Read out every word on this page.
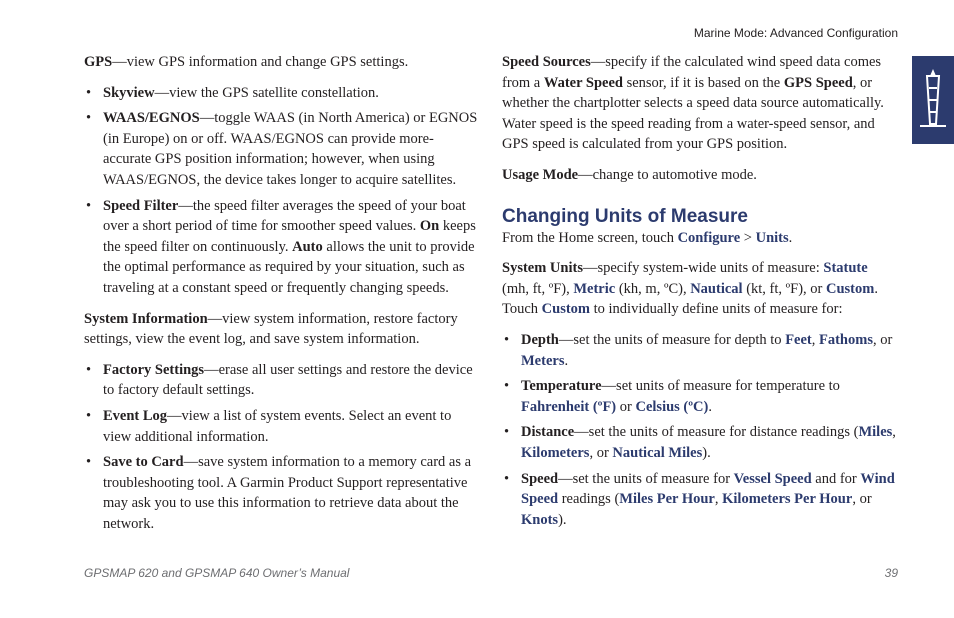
Marine Mode: Advanced Configuration

GPS—view GPS information and change GPS settings.

• Skyview—view the GPS satellite constellation.
• WAAS/EGNOS—toggle WAAS (in North America) or EGNOS (in Europe) on or off. WAAS/EGNOS can provide more-accurate GPS position information; however, when using WAAS/EGNOS, the device takes longer to acquire satellites.
• Speed Filter—the speed filter averages the speed of your boat over a short period of time for smoother speed values. On keeps the speed filter on continuously. Auto allows the unit to provide the optimal performance as required by your situation, such as traveling at a constant speed or frequently changing speeds.

System Information—view system information, restore factory settings, view the event log, and save system information.

• Factory Settings—erase all user settings and restore the device to factory default settings.
• Event Log—view a list of system events. Select an event to view additional information.
• Save to Card—save system information to a memory card as a troubleshooting tool. A Garmin Product Support representative may ask you to use this information to retrieve data about the network.

Speed Sources—specify if the calculated wind speed data comes from a Water Speed sensor, if it is based on the GPS Speed, or whether the chartplotter selects a speed data source automatically. Water speed is the speed reading from a water-speed sensor, and GPS speed is calculated from your GPS position.

Usage Mode—change to automotive mode.

Changing Units of Measure

From the Home screen, touch Configure > Units.

System Units—specify system-wide units of measure: Statute (mh, ft, ºF), Metric (kh, m, ºC), Nautical (kt, ft, ºF), or Custom. Touch Custom to individually define units of measure for:

• Depth—set the units of measure for depth to Feet, Fathoms, or Meters.
• Temperature—set units of measure for temperature to Fahrenheit (ºF) or Celsius (ºC).
• Distance—set the units of measure for distance readings (Miles, Kilometers, or Nautical Miles).
• Speed—set the units of measure for Vessel Speed and for Wind Speed readings (Miles Per Hour, Kilometers Per Hour, or Knots).
GPSMAP 620 and GPSMAP 640 Owner’s Manual	39
